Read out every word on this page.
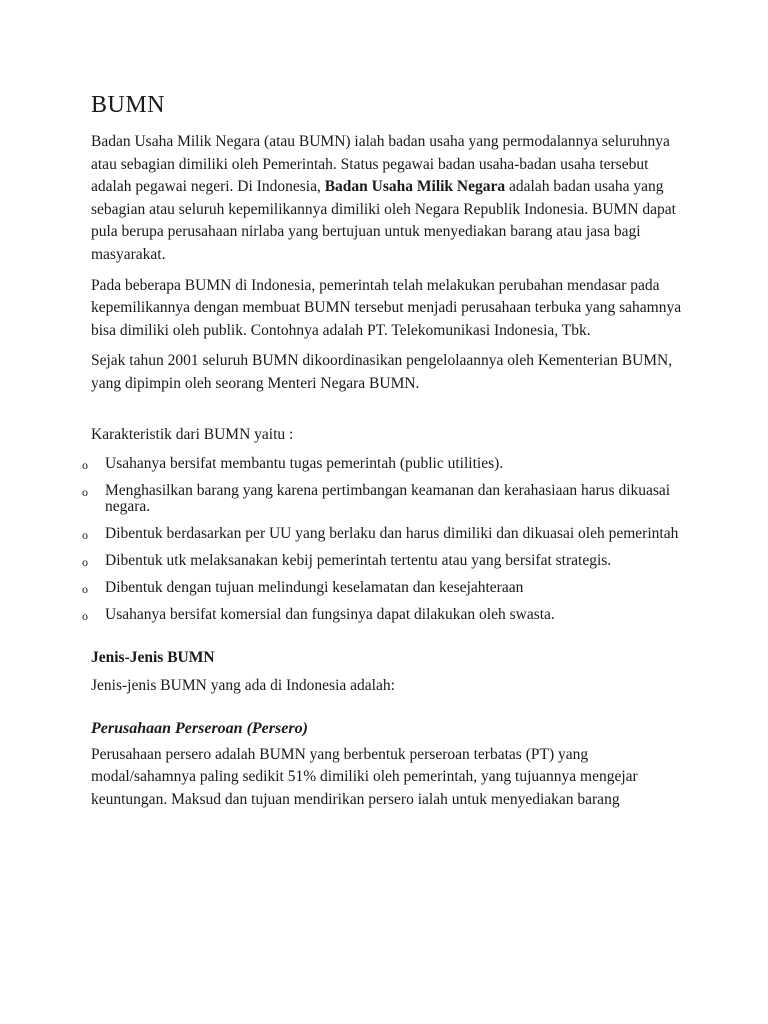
BUMN

Badan Usaha Milik Negara (atau BUMN) ialah badan usaha yang permodalannya seluruhnya atau sebagian dimiliki oleh Pemerintah. Status pegawai badan usaha-badan usaha tersebut adalah pegawai negeri. Di Indonesia, Badan Usaha Milik Negara adalah badan usaha yang sebagian atau seluruh kepemilikannya dimiliki oleh Negara Republik Indonesia. BUMN dapat pula berupa perusahaan nirlaba yang bertujuan untuk menyediakan barang atau jasa bagi masyarakat.

Pada beberapa BUMN di Indonesia, pemerintah telah melakukan perubahan mendasar pada kepemilikannya dengan membuat BUMN tersebut menjadi perusahaan terbuka yang sahamnya bisa dimiliki oleh publik. Contohnya adalah PT. Telekomunikasi Indonesia, Tbk.

Sejak tahun 2001 seluruh BUMN dikoordinasikan pengelolaannya oleh Kementerian BUMN, yang dipimpin oleh seorang Menteri Negara BUMN.

Karakteristik dari BUMN yaitu :

o Usahanya bersifat membantu tugas pemerintah (public utilities).
o Menghasilkan barang yang karena pertimbangan keamanan dan kerahasiaan harus dikuasai negara.
o Dibentuk berdasarkan per UU yang berlaku dan harus dimiliki dan dikuasai oleh pemerintah
o Dibentuk utk melaksanakan kebij pemerintah tertentu atau yang bersifat strategis.
o Dibentuk dengan tujuan melindungi keselamatan dan kesejahteraan
o Usahanya bersifat komersial dan fungsinya dapat dilakukan oleh swasta.
Jenis-Jenis BUMN

Jenis-jenis BUMN yang ada di Indonesia adalah:

Perusahaan Perseroan (Persero)

Perusahaan persero adalah BUMN yang berbentuk perseroan terbatas (PT) yang modal/sahamnya paling sedikit 51% dimiliki oleh pemerintah, yang tujuannya mengejar keuntungan. Maksud dan tujuan mendirikan persero ialah untuk menyediakan barang
